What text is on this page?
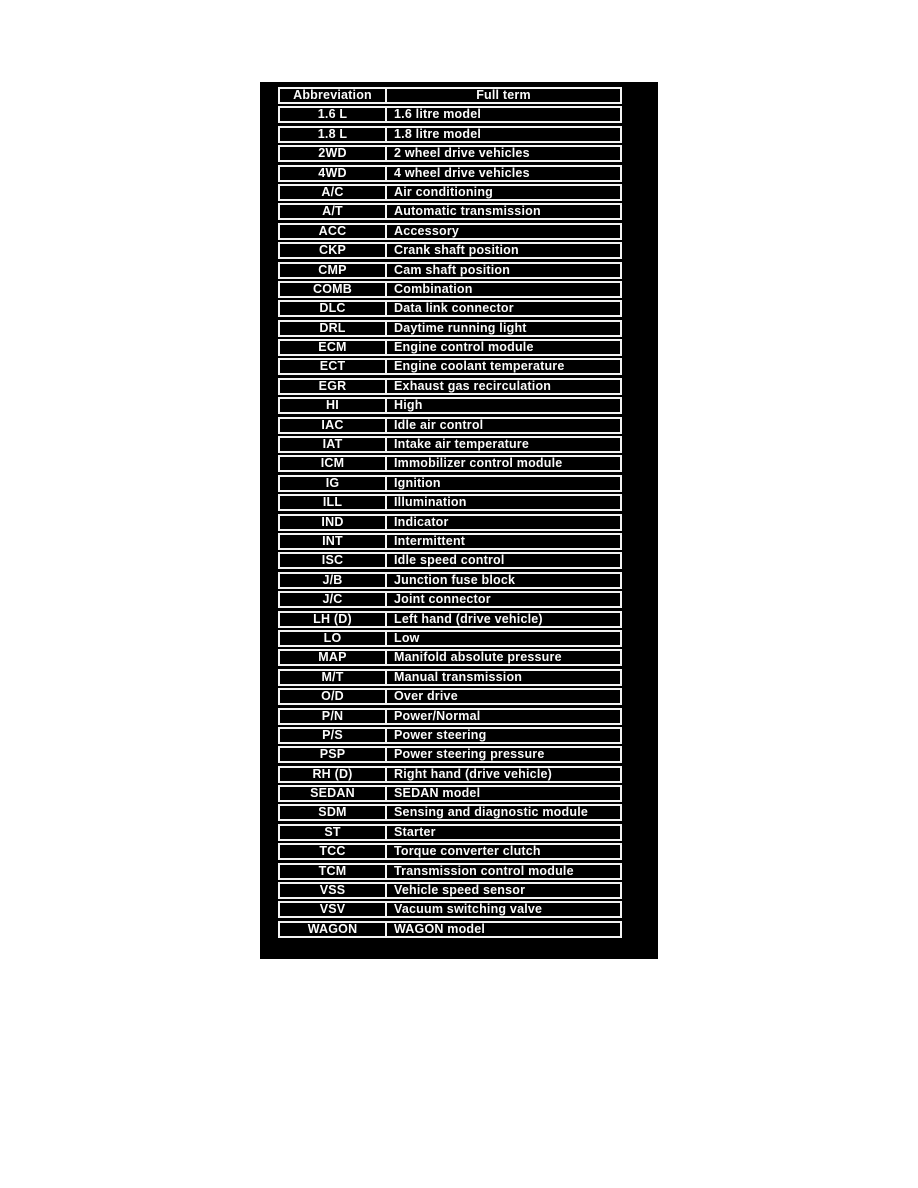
Abbreviation	Full term
1.6 L	1.6 litre model
1.8 L	1.8 litre model
2WD	2 wheel drive vehicles
4WD	4 wheel drive vehicles
A/C	Air conditioning
A/T	Automatic transmission
ACC	Accessory
CKP	Crank shaft position
CMP	Cam shaft position
COMB	Combination
DLC	Data link connector
DRL	Daytime running light
ECM	Engine control module
ECT	Engine coolant temperature
EGR	Exhaust gas recirculation
HI	High
IAC	Idle air control
IAT	Intake air temperature
ICM	Immobilizer control module
IG	Ignition
ILL	Illumination
IND	Indicator
INT	Intermittent
ISC	Idle speed control
J/B	Junction fuse block
J/C	Joint connector
LH (D)	Left hand (drive vehicle)
LO	Low
MAP	Manifold absolute pressure
M/T	Manual transmission
O/D	Over drive
P/N	Power/Normal
P/S	Power steering
PSP	Power steering pressure
RH (D)	Right hand (drive vehicle)
SEDAN	SEDAN model
SDM	Sensing and diagnostic module
ST	Starter
TCC	Torque converter clutch
TCM	Transmission control module
VSS	Vehicle speed sensor
VSV	Vacuum switching valve
WAGON	WAGON model
